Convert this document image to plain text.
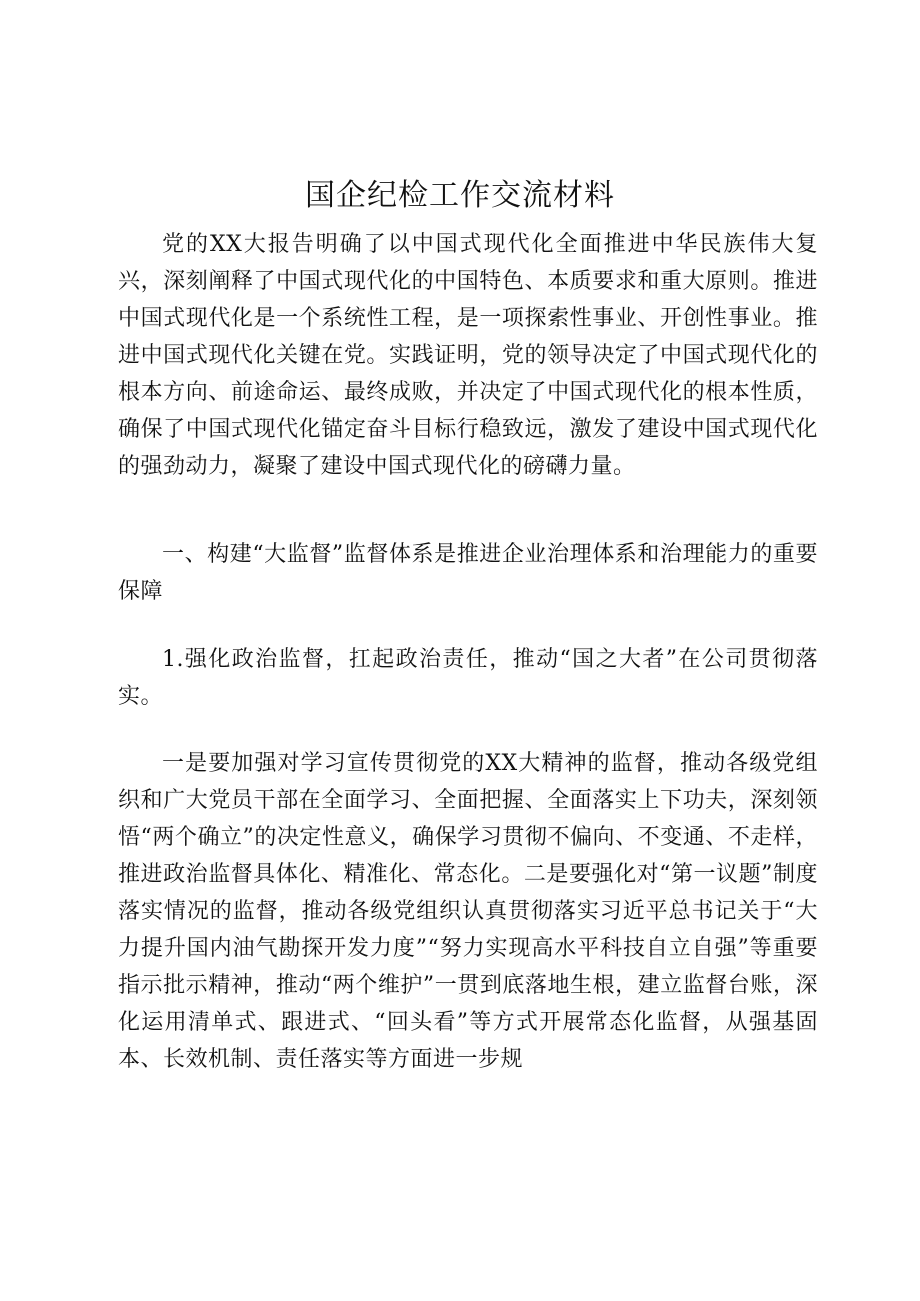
国企纪检工作交流材料

党的XX大报告明确了以中国式现代化全面推进中华民族伟大复兴，深刻阐释了中国式现代化的中国特色、本质要求和重大原则。推进中国式现代化是一个系统性工程，是一项探索性事业、开创性事业。推进中国式现代化关键在党。实践证明，党的领导决定了中国式现代化的根本方向、前途命运、最终成败，并决定了中国式现代化的根本性质，确保了中国式现代化锚定奋斗目标行稳致远，激发了建设中国式现代化的强劲动力，凝聚了建设中国式现代化的磅礴力量。

一、构建“大监督”监督体系是推进企业治理体系和治理能力的重要保障

1.强化政治监督，扛起政治责任，推动“国之大者”在公司贯彻落实。

一是要加强对学习宣传贯彻党的XX大精神的监督，推动各级党组织和广大党员干部在全面学习、全面把握、全面落实上下功夫，深刻领悟“两个确立”的决定性意义，确保学习贯彻不偏向、不变通、不走样，推进政治监督具体化、精准化、常态化。二是要强化对“第一议题”制度落实情况的监督，推动各级党组织认真贯彻落实习近平总书记关于“大力提升国内油气勘探开发力度”“努力实现高水平科技自立自强”等重要指示批示精神，推动“两个维护”一贯到底落地生根，建立监督台账，深化运用清单式、跟进式、“回头看”等方式开展常态化监督，从强基固本、长效机制、责任落实等方面进一步规
